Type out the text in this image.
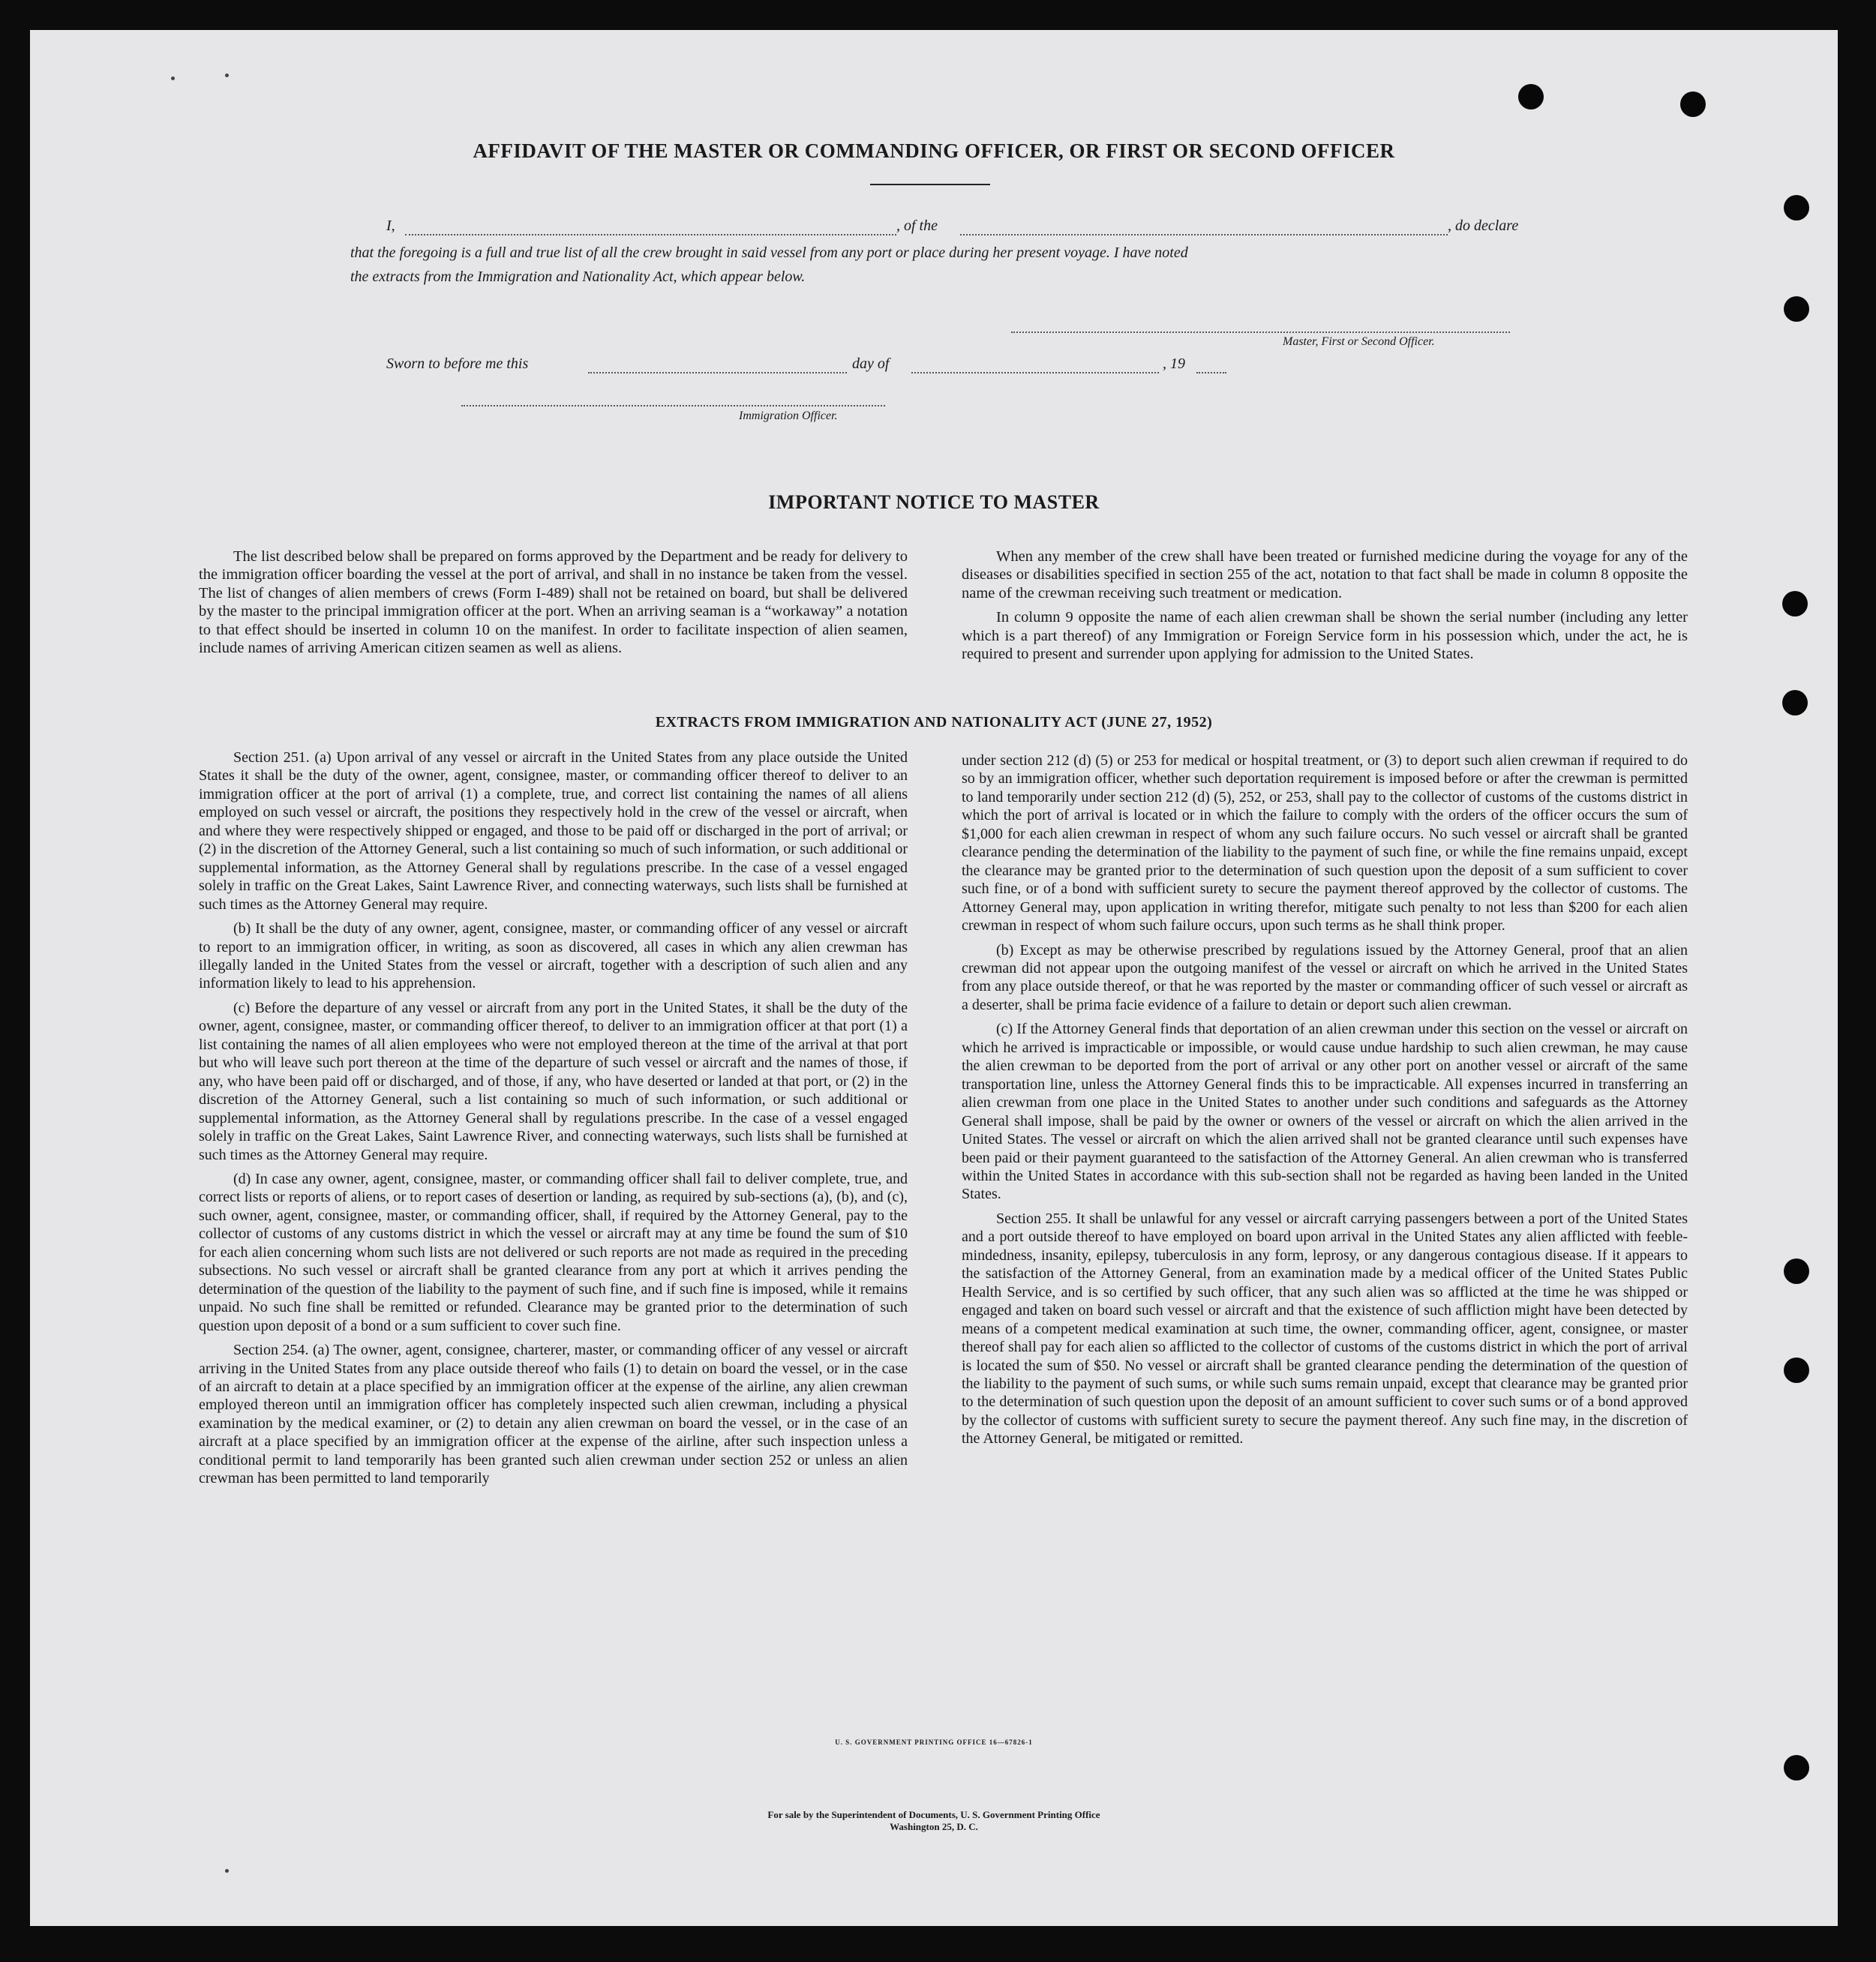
AFFIDAVIT OF THE MASTER OR COMMANDING OFFICER, OR FIRST OR SECOND OFFICER
I,	, of the	, do declare
that the foregoing is a full and true list of all the crew brought in said vessel from any port or place during her present voyage. I have noted
the extracts from the Immigration and Nationality Act, which appear below.
Master, First or Second Officer.
Sworn to before me this	day of	, 19
Immigration Officer.
IMPORTANT NOTICE TO MASTER

The list described below shall be prepared on forms approved by the Department and be ready for delivery to the immigration officer boarding the vessel at the port of arrival, and shall in no instance be taken from the vessel. The list of changes of alien members of crews (Form I-489) shall not be retained on board, but shall be delivered by the master to the principal immigration officer at the port. When an arriving seaman is a “workaway” a notation to that effect should be inserted in column 10 on the manifest. In order to facilitate inspection of alien seamen, include names of arriving American citizen seamen as well as aliens.

When any member of the crew shall have been treated or furnished medicine during the voyage for any of the diseases or disabilities specified in section 255 of the act, notation to that fact shall be made in column 8 opposite the name of the crewman receiving such treatment or medication.

In column 9 opposite the name of each alien crewman shall be shown the serial number (including any letter which is a part thereof) of any Immigration or Foreign Service form in his possession which, under the act, he is required to present and surrender upon applying for admission to the United States.

EXTRACTS FROM IMMIGRATION AND NATIONALITY ACT (JUNE 27, 1952)

Section 251. (a) Upon arrival of any vessel or aircraft in the United States from any place outside the United States it shall be the duty of the owner, agent, consignee, master, or commanding officer thereof to deliver to an immigration officer at the port of arrival (1) a complete, true, and correct list containing the names of all aliens employed on such vessel or aircraft, the positions they respectively hold in the crew of the vessel or aircraft, when and where they were respectively shipped or engaged, and those to be paid off or discharged in the port of arrival; or (2) in the discretion of the Attorney General, such a list containing so much of such information, or such additional or supplemental information, as the Attorney General shall by regulations prescribe. In the case of a vessel engaged solely in traffic on the Great Lakes, Saint Lawrence River, and connecting waterways, such lists shall be furnished at such times as the Attorney General may require.

(b) It shall be the duty of any owner, agent, consignee, master, or commanding officer of any vessel or aircraft to report to an immigration officer, in writing, as soon as discovered, all cases in which any alien crewman has illegally landed in the United States from the vessel or aircraft, together with a description of such alien and any information likely to lead to his apprehension.

(c) Before the departure of any vessel or aircraft from any port in the United States, it shall be the duty of the owner, agent, consignee, master, or commanding officer thereof, to deliver to an immigration officer at that port (1) a list containing the names of all alien employees who were not employed thereon at the time of the arrival at that port but who will leave such port thereon at the time of the departure of such vessel or aircraft and the names of those, if any, who have been paid off or discharged, and of those, if any, who have deserted or landed at that port, or (2) in the discretion of the Attorney General, such a list containing so much of such information, or such additional or supplemental information, as the Attorney General shall by regulations prescribe. In the case of a vessel engaged solely in traffic on the Great Lakes, Saint Lawrence River, and connecting waterways, such lists shall be furnished at such times as the Attorney General may require.

(d) In case any owner, agent, consignee, master, or commanding officer shall fail to deliver complete, true, and correct lists or reports of aliens, or to report cases of desertion or landing, as required by sub-sections (a), (b), and (c), such owner, agent, consignee, master, or commanding officer, shall, if required by the Attorney General, pay to the collector of customs of any customs district in which the vessel or aircraft may at any time be found the sum of $10 for each alien concerning whom such lists are not delivered or such reports are not made as required in the preceding subsections. No such vessel or aircraft shall be granted clearance from any port at which it arrives pending the determination of the question of the liability to the payment of such fine, and if such fine is imposed, while it remains unpaid. No such fine shall be remitted or refunded. Clearance may be granted prior to the determination of such question upon deposit of a bond or a sum sufficient to cover such fine.

Section 254. (a) The owner, agent, consignee, charterer, master, or commanding officer of any vessel or aircraft arriving in the United States from any place outside thereof who fails (1) to detain on board the vessel, or in the case of an aircraft to detain at a place specified by an immigration officer at the expense of the airline, any alien crewman employed thereon until an immigration officer has completely inspected such alien crewman, including a physical examination by the medical examiner, or (2) to detain any alien crewman on board the vessel, or in the case of an aircraft at a place specified by an immigration officer at the expense of the airline, after such inspection unless a conditional permit to land temporarily has been granted such alien crewman under section 252 or unless an alien crewman has been permitted to land temporarily

under section 212 (d) (5) or 253 for medical or hospital treatment, or (3) to deport such alien crewman if required to do so by an immigration officer, whether such deportation requirement is imposed before or after the crewman is permitted to land temporarily under section 212 (d) (5), 252, or 253, shall pay to the collector of customs of the customs district in which the port of arrival is located or in which the failure to comply with the orders of the officer occurs the sum of $1,000 for each alien crewman in respect of whom any such failure occurs. No such vessel or aircraft shall be granted clearance pending the determination of the liability to the payment of such fine, or while the fine remains unpaid, except the clearance may be granted prior to the determination of such question upon the deposit of a sum sufficient to cover such fine, or of a bond with sufficient surety to secure the payment thereof approved by the collector of customs. The Attorney General may, upon application in writing therefor, mitigate such penalty to not less than $200 for each alien crewman in respect of whom such failure occurs, upon such terms as he shall think proper.

(b) Except as may be otherwise prescribed by regulations issued by the Attorney General, proof that an alien crewman did not appear upon the outgoing manifest of the vessel or aircraft on which he arrived in the United States from any place outside thereof, or that he was reported by the master or commanding officer of such vessel or aircraft as a deserter, shall be prima facie evidence of a failure to detain or deport such alien crewman.

(c) If the Attorney General finds that deportation of an alien crewman under this section on the vessel or aircraft on which he arrived is impracticable or impossible, or would cause undue hardship to such alien crewman, he may cause the alien crewman to be deported from the port of arrival or any other port on another vessel or aircraft of the same transportation line, unless the Attorney General finds this to be impracticable. All expenses incurred in transferring an alien crewman from one place in the United States to another under such conditions and safeguards as the Attorney General shall impose, shall be paid by the owner or owners of the vessel or aircraft on which the alien arrived in the United States. The vessel or aircraft on which the alien arrived shall not be granted clearance until such expenses have been paid or their payment guaranteed to the satisfaction of the Attorney General. An alien crewman who is transferred within the United States in accordance with this sub-section shall not be regarded as having been landed in the United States.

Section 255. It shall be unlawful for any vessel or aircraft carrying passengers between a port of the United States and a port outside thereof to have employed on board upon arrival in the United States any alien afflicted with feeble-mindedness, insanity, epilepsy, tuberculosis in any form, leprosy, or any dangerous contagious disease. If it appears to the satisfaction of the Attorney General, from an examination made by a medical officer of the United States Public Health Service, and is so certified by such officer, that any such alien was so afflicted at the time he was shipped or engaged and taken on board such vessel or aircraft and that the existence of such affliction might have been detected by means of a competent medical examination at such time, the owner, commanding officer, agent, consignee, or master thereof shall pay for each alien so afflicted to the collector of customs of the customs district in which the port of arrival is located the sum of $50. No vessel or aircraft shall be granted clearance pending the determination of the question of the liability to the payment of such sums, or while such sums remain unpaid, except that clearance may be granted prior to the determination of such question upon the deposit of an amount sufficient to cover such sums or of a bond approved by the collector of customs with sufficient surety to secure the payment thereof. Any such fine may, in the discretion of the Attorney General, be mitigated or remitted.

U. S. GOVERNMENT PRINTING OFFICE 16—67826-1
For sale by the Superintendent of Documents, U. S. Government Printing Office
Washington 25, D. C.
